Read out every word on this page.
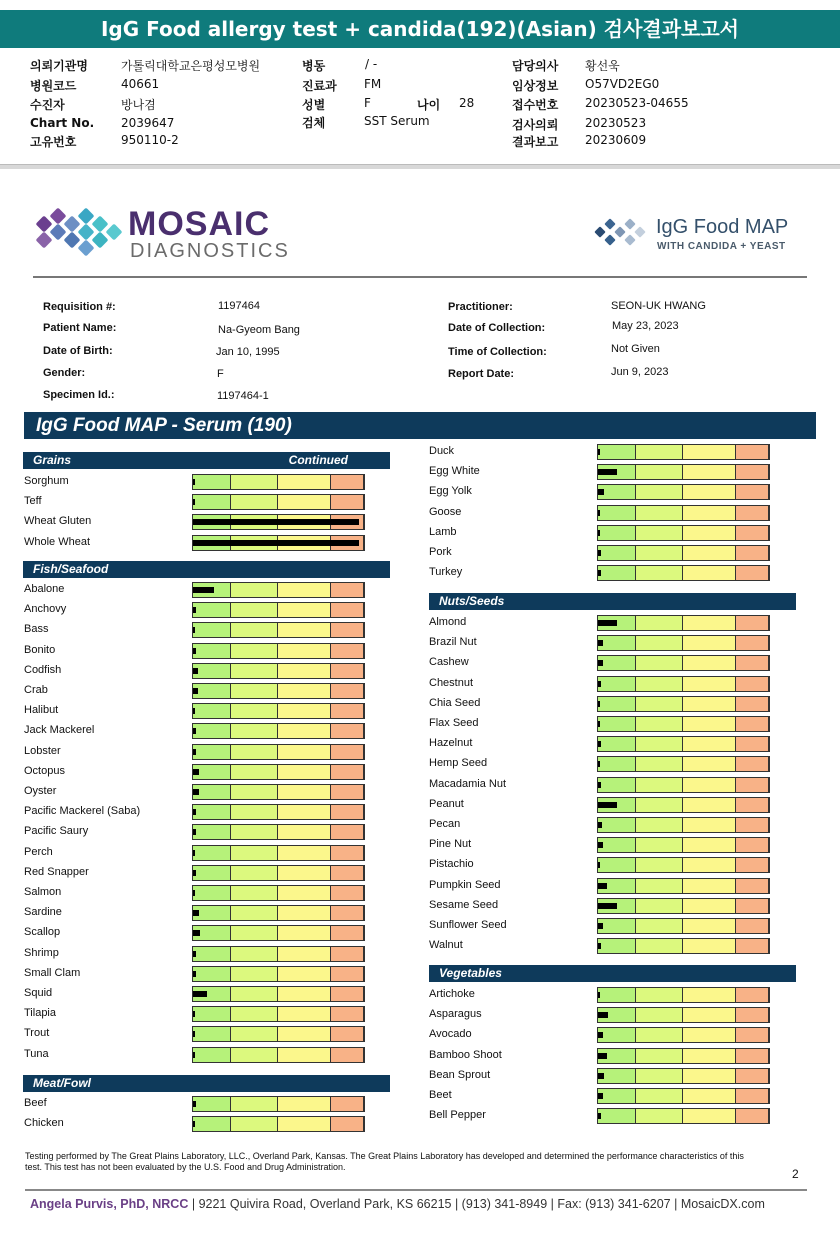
IgG Food allergy test + candida(192)(Asian) 검사결과보고서
의뢰기관명	가톨릭대학교은평성모병원
병원코드	40661
수진자	방나겸
Chart No. 2039647
고유번호	950110-2
병동	/ -
진료과 FM
성별	F	나이 28
검체	SST Serum
담당의사 황선욱
임상정보 O57VD2EG0
접수번호 20230523-04655
검사의뢰 20230523
결과보고 20230609
MOSAIC
DIAGNOSTICS
IgG Food MAP
WITH CANDIDA + YEAST
Requisition #:	1197464
Patient Name:	Na-Gyeom Bang
Date of Birth:	Jan 10, 1995
Gender:	F
Specimen Id.:	1197464-1
Practitioner:	SEON-UK HWANG
Date of Collection:	May 23, 2023
Time of Collection:	Not Given
Report Date:	Jun 9, 2023
IgG Food MAP - Serum (190)
Grains	Continued
Fish/Seafood
Meat/Fowl
Nuts/Seeds
Vegetables
Sorghum
Teff
Wheat Gluten
Whole Wheat
Abalone
Anchovy
Bass
Bonito
Codfish
Crab
Halibut
Jack Mackerel
Lobster
Octopus
Oyster
Pacific Mackerel (Saba)
Pacific Saury
Perch
Red Snapper
Salmon
Sardine
Scallop
Shrimp
Small Clam
Squid
Tilapia
Trout
Tuna
Beef
Chicken
Duck
Egg White
Egg Yolk
Goose
Lamb
Pork
Turkey
Almond
Brazil Nut
Cashew
Chestnut
Chia Seed
Flax Seed
Hazelnut
Hemp Seed
Macadamia Nut
Peanut
Pecan
Pine Nut
Pistachio
Pumpkin Seed
Sesame Seed
Sunflower Seed
Walnut
Artichoke
Asparagus
Avocado
Bamboo Shoot
Bean Sprout
Beet
Bell Pepper
Testing performed by The Great Plains Laboratory, LLC., Overland Park, Kansas. The Great Plains Laboratory has developed and determined the performance characteristics of this test. This test has not been evaluated by the U.S. Food and Drug Administration.	2
Angela Purvis, PhD, NRCC | 9221 Quivira Road, Overland Park, KS 66215 | (913) 341-8949 | Fax: (913) 341-6207 | MosaicDX.com
